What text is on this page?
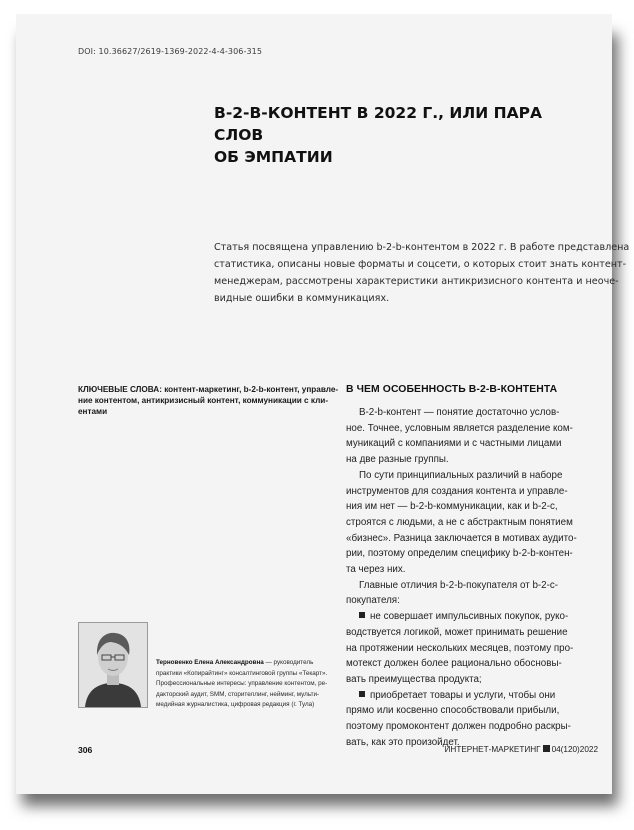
DOI: 10.36627/2619-1369-2022-4-4-306-315
B-2-B-КОНТЕНТ В 2022 Г., ИЛИ ПАРА СЛОВ
ОБ ЭМПАТИИ
Статья посвящена управлению b-2-b-контентом в 2022 г. В работе представлена
статистика, описаны новые форматы и соцсети, о которых стоит знать контент-
менеджерам, рассмотрены характеристики антикризисного контента и неоче-
видные ошибки в коммуникациях.
КЛЮЧЕВЫЕ СЛОВА: контент-маркетинг, b-2-b-контент, управле-
ние контентом, антикризисный контент, коммуникации с кли-
ентами
Терновенко Елена Александровна — руководитель
практики «Копирайтинг» консалтинговой группы «Текарт».
Профессиональные интересы: управление контентом, ре-
дакторский аудит, SMM, сторителлинг, нейминг, мульти-
медийная журналистика, цифровая редакция (г. Тула)
В ЧЕМ ОСОБЕННОСТЬ B-2-B-КОНТЕНТА
B-2-b-контент — понятие достаточно услов-
ное. Точнее, условным является разделение ком-
муникаций с компаниями и с частными лицами
на две разные группы.
По сути принципиальных различий в наборе
инструментов для создания контента и управле-
ния им нет — b-2-b-коммуникации, как и b-2-c,
строятся с людьми, а не с абстрактным понятием
«бизнес». Разница заключается в мотивах аудито-
рии, поэтому определим специфику b-2-b-контен-
та через них.
Главные отличия b-2-b-покупателя от b-2-c-
покупателя:
не совершает импульсивных покупок, руко-
водствуется логикой, может принимать решение
на протяжении нескольких месяцев, поэтому про-
мотекст должен более рационально обосновы-
вать преимущества продукта;
приобретает товары и услуги, чтобы они
прямо или косвенно способствовали прибыли,
поэтому промоконтент должен подробно раскры-
вать, как это произойдет.
306	ИНТЕРНЕТ-МАРКЕТИНГ 04(120)2022
